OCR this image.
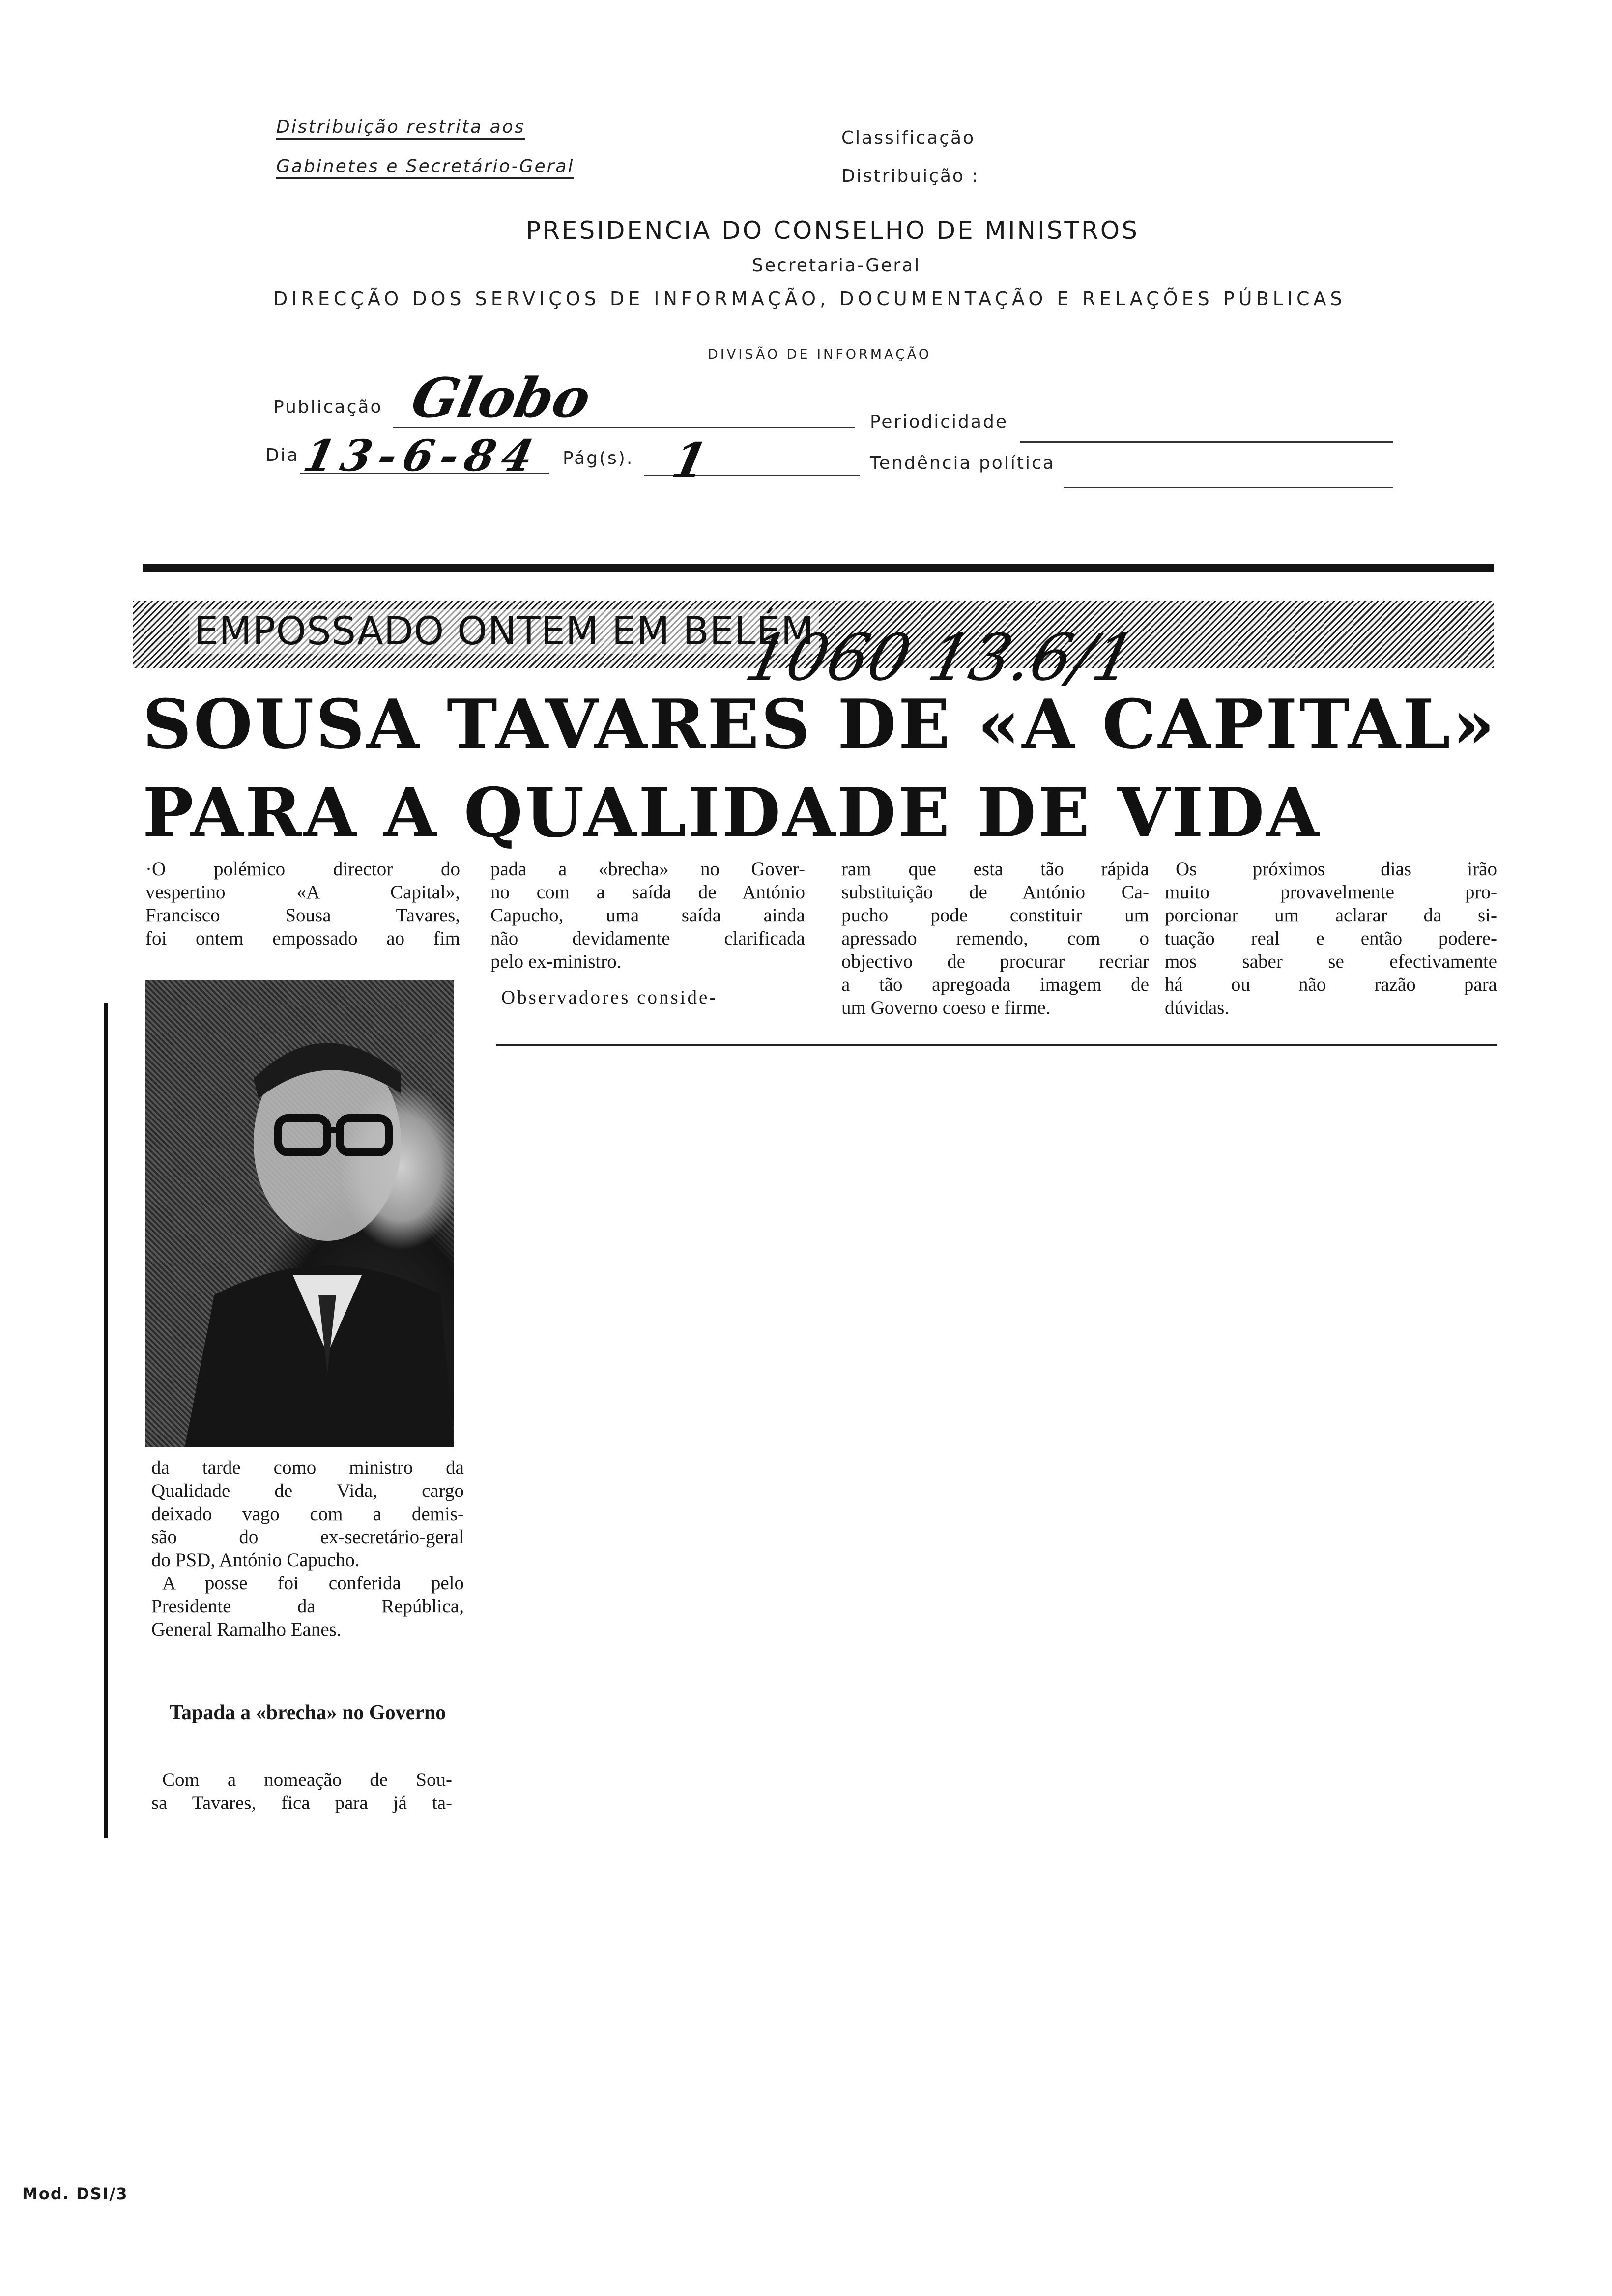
Distribuição restrita aos
Gabinetes e Secretário-Geral
Classificação
Distribuição :
PRESIDENCIA DO CONSELHO DE MINISTROS
Secretaria-Geral
DIRECÇÃO DOS SERVIÇOS DE INFORMAÇÃO, DOCUMENTAÇÃO E RELAÇÕES PÚBLICAS
DIVISÃO DE INFORMAÇÃO
Publicação Globo	Periodicidade
Dia 13-6-84 Pág(s). 1	Tendência política
EMPOSSADO ONTEM EM BELÉM
1060 13.6/1
SOUSA TAVARES DE «A CAPITAL»
PARA A QUALIDADE DE VIDA

·O polémico director do

vespertino «A Capital»,

Francisco Sousa Tavares,

foi ontem empossado ao fim

da tarde como ministro da

Qualidade de Vida, cargo

deixado vago com a demis-

são do ex-secretário-geral

do PSD, António Capucho.

A posse foi conferida pelo

Presidente da República,

General Ramalho Eanes.

Tapada a «brecha» no Governo

Com a nomeação de Sou-

sa Tavares, fica para já ta-

pada a «brecha» no Gover-

no com a saída de António

Capucho, uma saída ainda

não devidamente clarificada

pelo ex-ministro.

Observadores conside-

ram que esta tão rápida

substituição de António Ca-

pucho pode constituir um

apressado remendo, com o

objectivo de procurar recriar

a tão apregoada imagem de

um Governo coeso e firme.

Os próximos dias irão

muito provavelmente pro-

porcionar um aclarar da si-

tuação real e então podere-

mos saber se efectivamente

há ou não razão para

dúvidas.

Mod. DSI/3
